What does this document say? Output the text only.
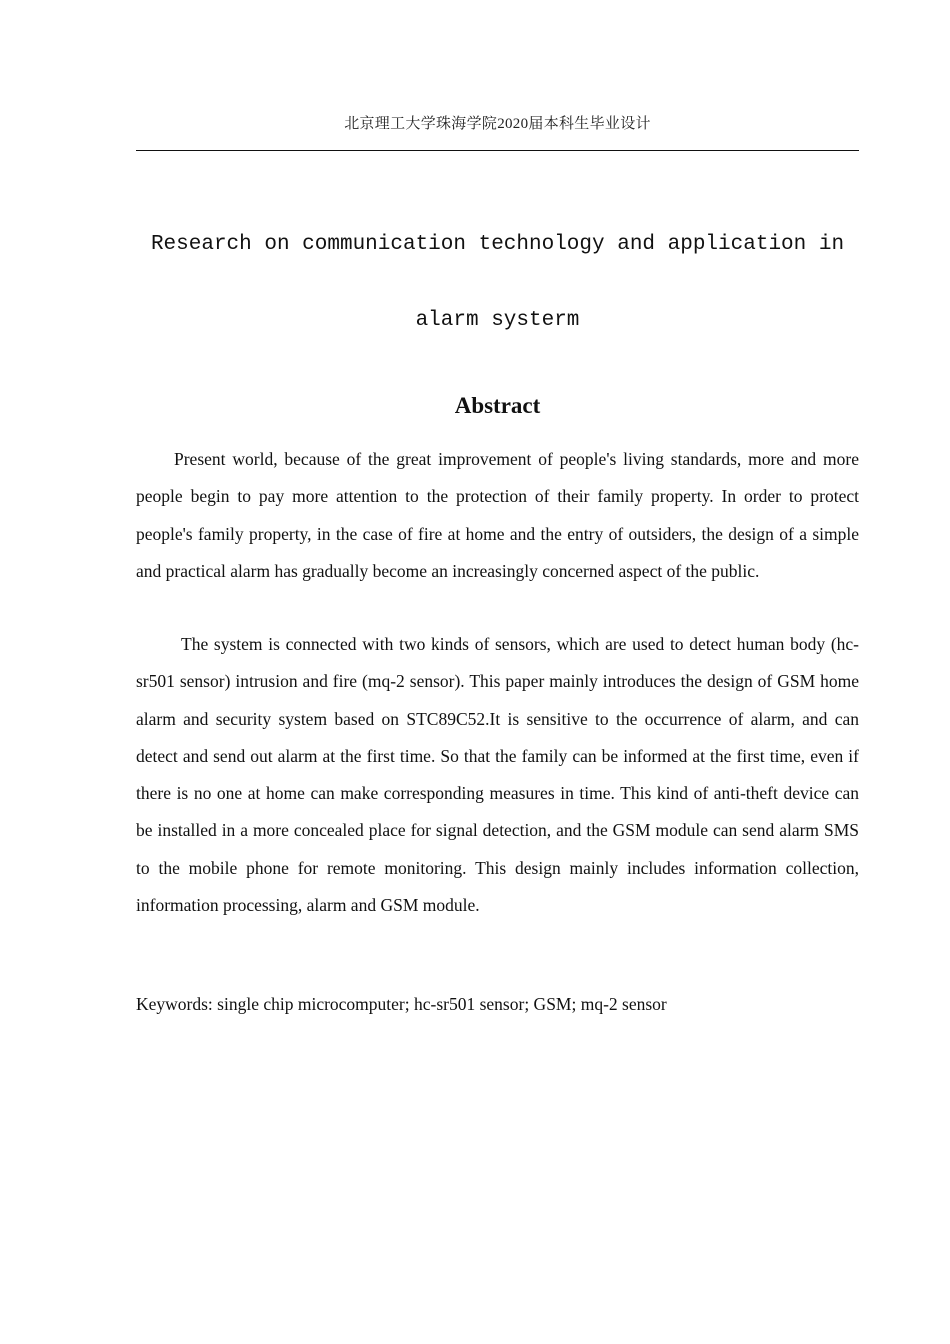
北京理工大学珠海学院2020届本科生毕业设计
Research on communication technology and application in
alarm systerm
Abstract

Present world, because of the great improvement of people's living standards, more and more people begin to pay more attention to the protection of their family property. In order to protect people's family property, in the case of fire at home and the entry of outsiders, the design of a simple and practical alarm has gradually become an increasingly concerned aspect of the public.

The system is connected with two kinds of sensors, which are used to detect human body (hc-sr501 sensor) intrusion and fire (mq-2 sensor). This paper mainly introduces the design of GSM home alarm and security system based on STC89C52.It is sensitive to the occurrence of alarm, and can detect and send out alarm at the first time. So that the family can be informed at the first time, even if there is no one at home can make corresponding measures in time. This kind of anti-theft device can be installed in a more concealed place for signal detection, and the GSM module can send alarm SMS to the mobile phone for remote monitoring. This design mainly includes information collection, information processing, alarm and GSM module.

Keywords: single chip microcomputer; hc-sr501 sensor; GSM; mq-2 sensor
